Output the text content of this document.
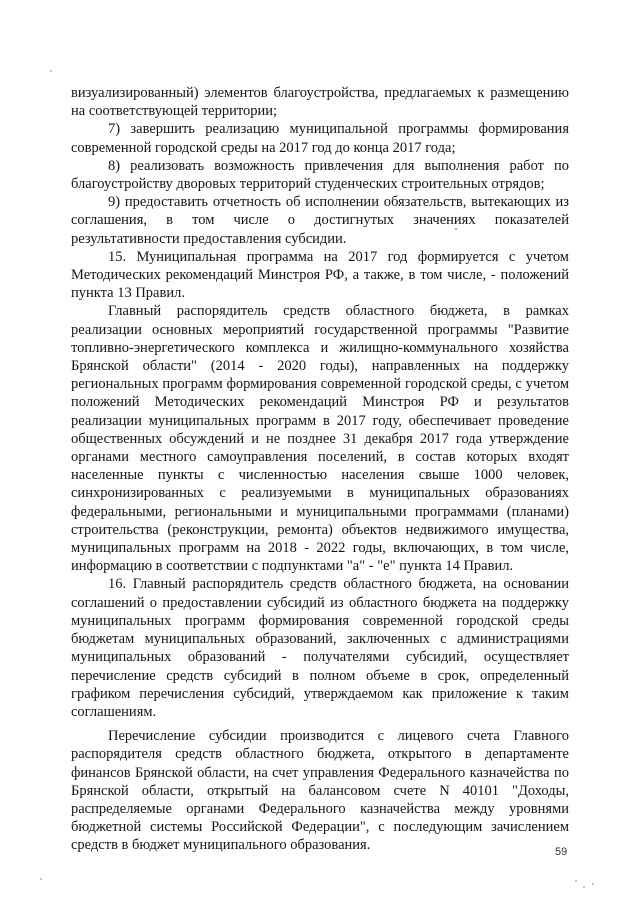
визуализированный) элементов благоустройства, предлагаемых к размещению на соответствующей территории;

7) завершить реализацию муниципальной программы формирования современной городской среды на 2017 год до конца 2017 года;

8) реализовать возможность привлечения для выполнения работ по благоустройству дворовых территорий студенческих строительных отрядов;

9) предоставить отчетность об исполнении обязательств, вытекающих из соглашения, в том числе о достигнутых значениях показателей результативности предоставления субсидии.

15. Муниципальная программа на 2017 год формируется с учетом Методических рекомендаций Минстроя РФ, а также, в том числе, - положений пункта 13 Правил.

Главный распорядитель средств областного бюджета, в рамках реализации основных мероприятий государственной программы "Развитие топливно-энергетического комплекса и жилищно-коммунального хозяйства Брянской области" (2014 - 2020 годы), направленных на поддержку региональных программ формирования современной городской среды, с учетом положений Методических рекомендаций Минстроя РФ и результатов реализации муниципальных программ в 2017 году, обеспечивает проведение общественных обсуждений и не позднее 31 декабря 2017 года утверждение органами местного самоуправления поселений, в состав которых входят населенные пункты с численностью населения свыше 1000 человек, синхронизированных с реализуемыми в муниципальных образованиях федеральными, региональными и муниципальными программами (планами) строительства (реконструкции, ремонта) объектов недвижимого имущества, муниципальных программ на 2018 - 2022 годы, включающих, в том числе, информацию в соответствии с подпунктами "а" - "е" пункта 14 Правил.

16. Главный распорядитель средств областного бюджета, на основании соглашений о предоставлении субсидий из областного бюджета на поддержку муниципальных программ формирования современной городской среды бюджетам муниципальных образований, заключенных с администрациями муниципальных образований - получателями субсидий, осуществляет перечисление средств субсидий в полном объеме в срок, определенный графиком перечисления субсидий, утверждаемом как приложение к таким соглашениям.

Перечисление субсидии производится с лицевого счета Главного распорядителя средств областного бюджета, открытого в департаменте финансов Брянской области, на счет управления Федерального казначейства по Брянской области, открытый на балансовом счете N 40101 "Доходы, распределяемые органами Федерального казначейства между уровнями бюджетной системы Российской Федерации", с последующим зачислением средств в бюджет муниципального образования.	59
